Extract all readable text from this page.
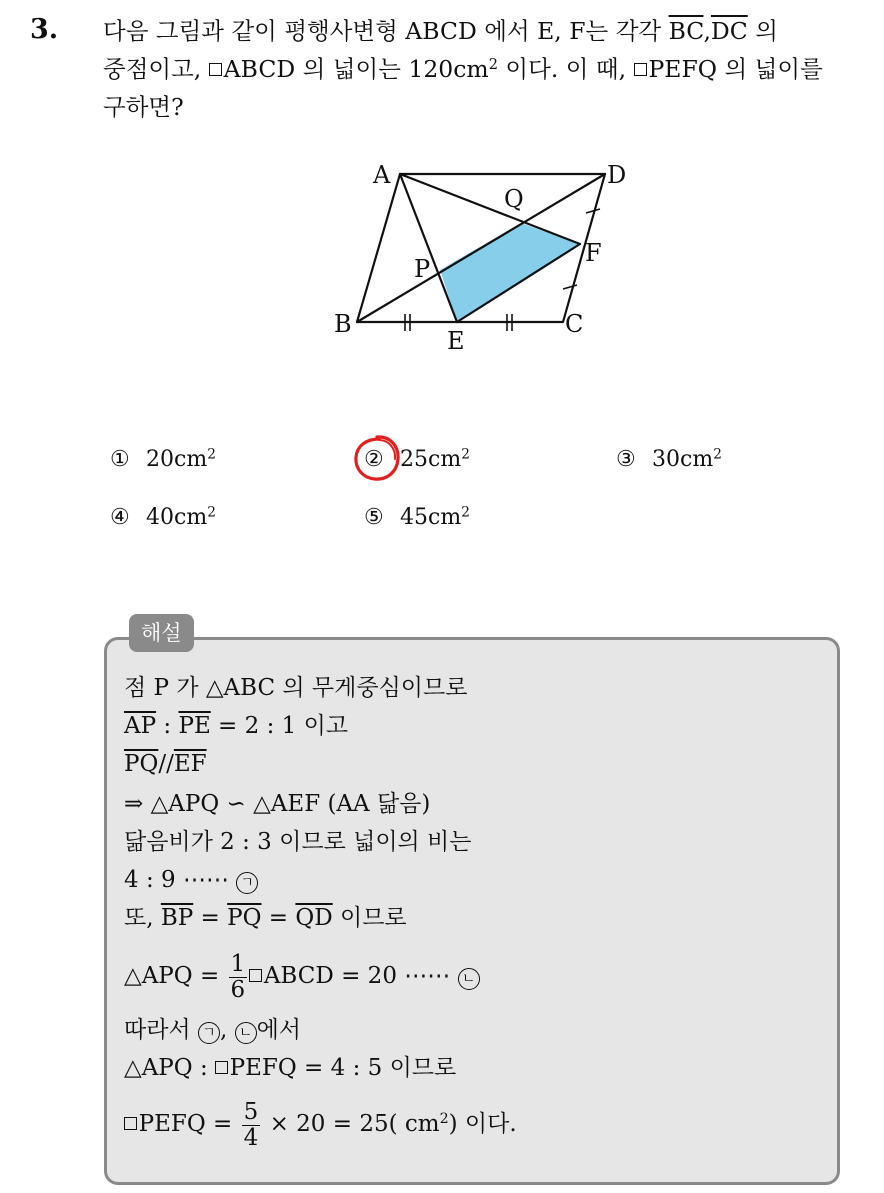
3. 다음 그림과 같이 평행사변형 ABCD 에서 E, F는 각각 $\overline{BC},\overline{DC}$ 의
중점이고, ABCD 의 넓이는 $120cm^2$ 이다. 이 때, PEFQ 의 넓이를
구하면?
A	D
Q
F
P
B	C
E
① $20cm^2$	② $25cm^2$	③ $30cm^2$
④ $40cm^2$	⑤ $45cm^2$
해설
점 P 가 △ABC 의 무게중심이므로
$\overline{AP}$ : $\overline{PE} = 2$ : 1 이고
$\overline{PQ}//\overline{EF}$
⇒ △APQ ∽ △AEF (AA 닮음)
닮음비가 2 : 3 이므로 넓이의 비는
4 : 9 ⋯⋯ ㄱ
또, $\overline{BP} = \overline{PQ} = \overline{QD}$ 이므로
△APQ = $\frac{1}{6}$ ABCD = 20 ⋯⋯ ㄴ
따라서 ㄱ , ㄴ 에서
△APQ : PEFQ = 4 : 5 이므로
PEFQ = $\frac{5}{4} \times 20 = 25$( $cm^2$) 이다.
